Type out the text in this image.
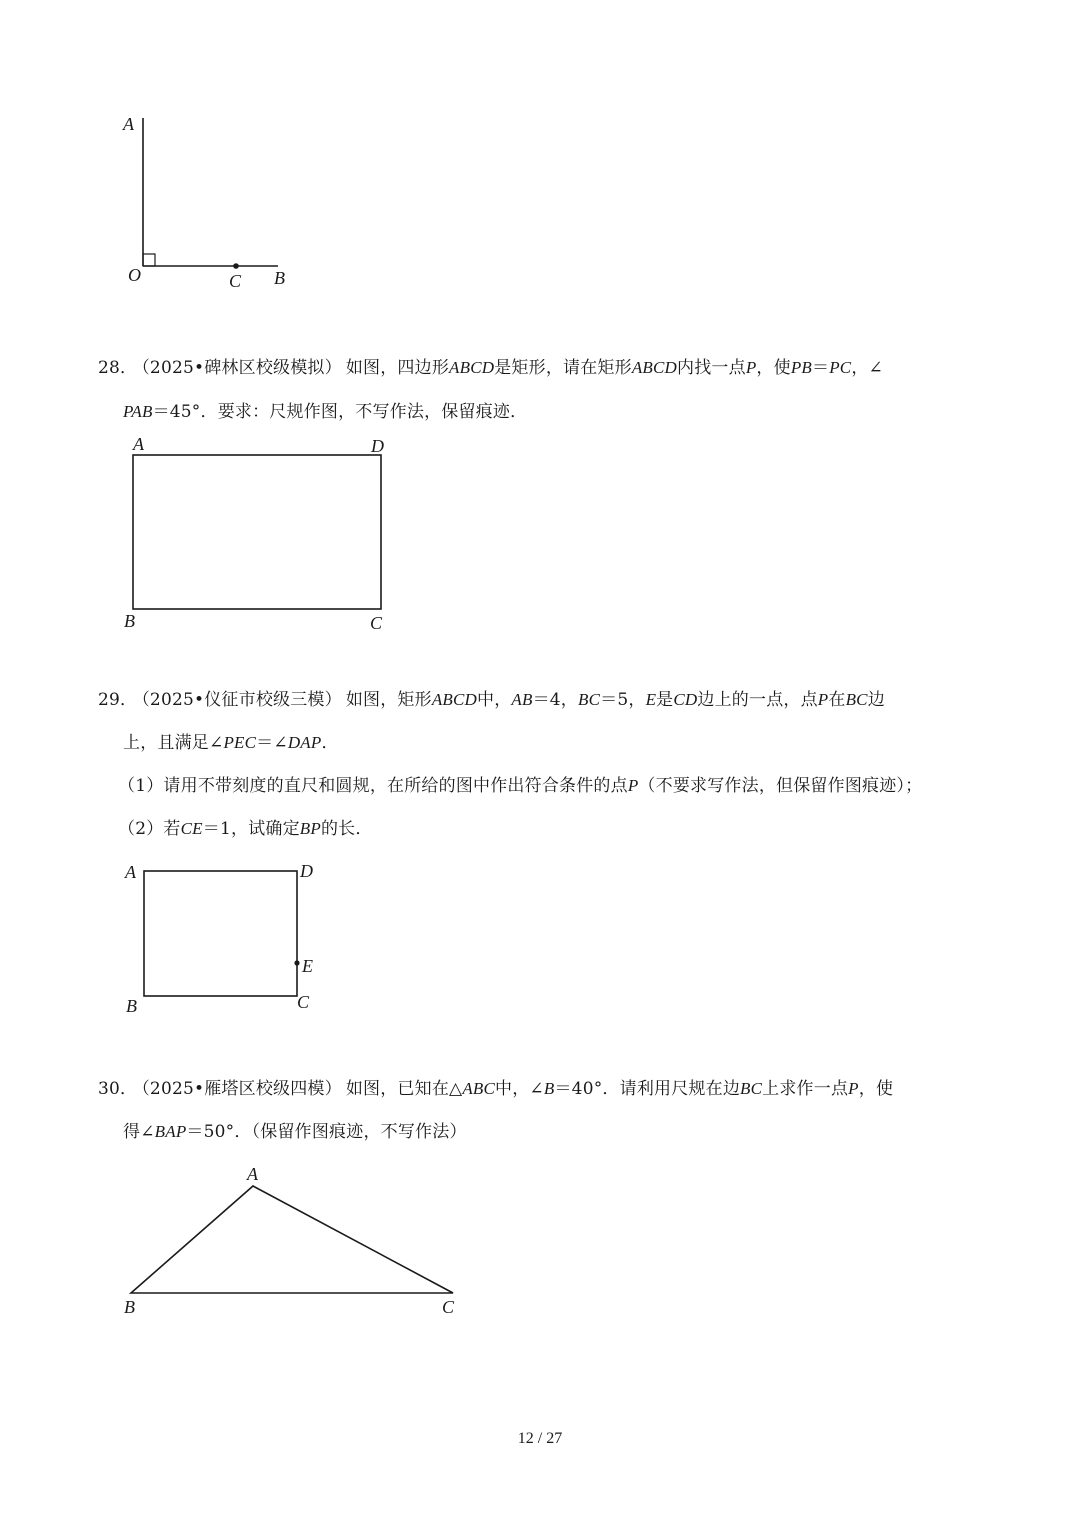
A
O	C B
28． （2025•碑林区校级模拟） 如图，四边形ABCD是矩形，请在矩形ABCD内找一点P，使PB＝PC，∠
PAB＝45°．要求：尺规作图，不写作法，保留痕迹．
A	D
B	C
29． （2025•仪征市校级三模） 如图，矩形ABCD中，AB＝4，BC＝5，E是CD边上的一点，点P在BC边
上，且满足∠PEC＝∠DAP．
（1）请用不带刻度的直尺和圆规，在所给的图中作出符合条件的点P（不要求写作法，但保留作图痕迹）；
（2）若CE＝1，试确定BP的长．
A	D
E
B	C
30． （2025•雁塔区校级四模） 如图，已知在△ABC中，∠B＝40°．请利用尺规在边BC上求作一点P，使
得∠BAP＝50°．（保留作图痕迹，不写作法）
A
B	C
12 / 27
